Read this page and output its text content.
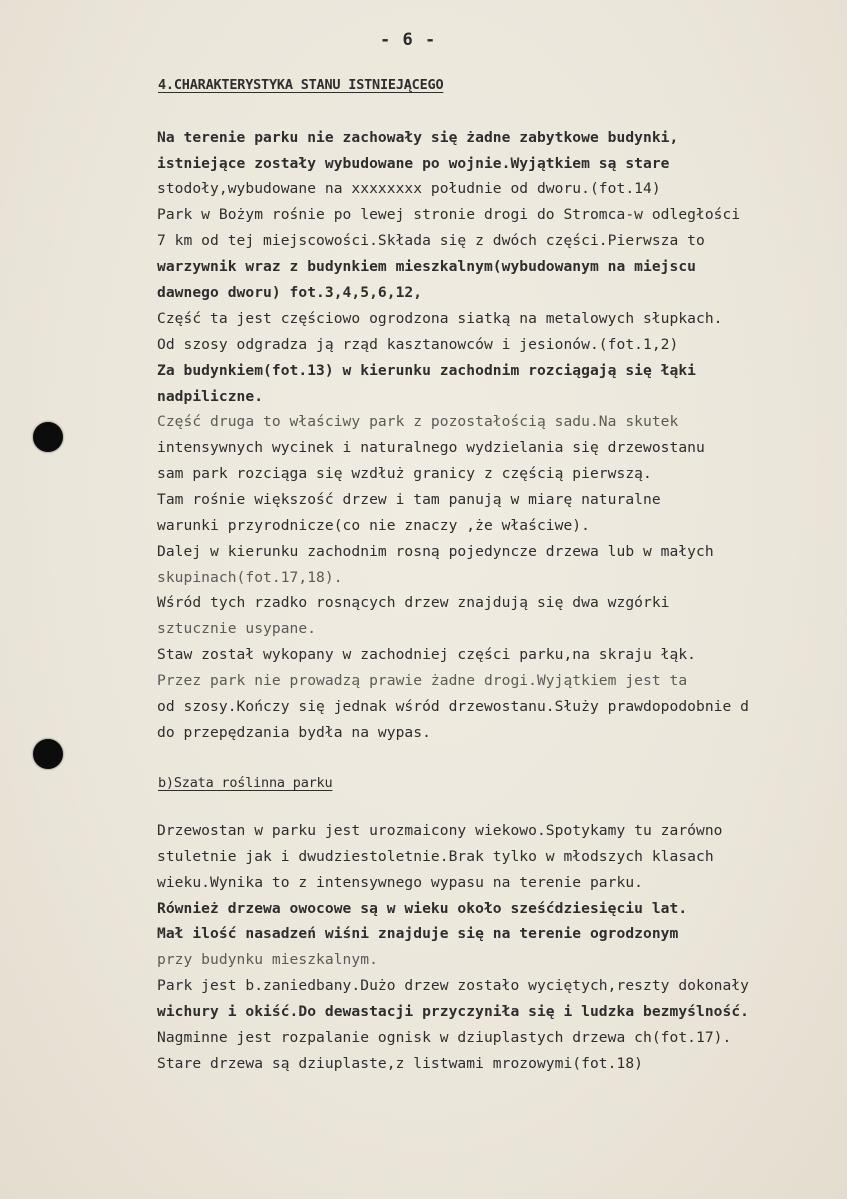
- 6 -
4.CHARAKTERYSTYKA STANU ISTNIEJĄCEGO
Na terenie parku nie zachowały się żadne zabytkowe budynki,
istniejące zostały wybudowane po wojnie.Wyjątkiem są stare
stodoły,wybudowane na xxxxxxxx południe od dworu.(fot.14)
Park w Bożym rośnie po lewej stronie drogi do Stromca-w odległości
7 km od tej miejscowości.Składa się z dwóch części.Pierwsza to
warzywnik wraz z budynkiem mieszkalnym(wybudowanym na miejscu
dawnego dworu) fot.3,4,5,6,12,
Część ta jest częściowo ogrodzona siatką na metalowych słupkach.
Od szosy odgradza ją rząd kasztanowców i jesionów.(fot.1,2)
Za budynkiem(fot.13) w kierunku zachodnim rozciągają się łąki
nadpiliczne.
Część druga to właściwy park z pozostałością sadu.Na skutek
intensywnych wycinek i naturalnego wydzielania się drzewostanu
sam park rozciąga się wzdłuż granicy z częścią pierwszą.
Tam rośnie większość drzew i tam panują w miarę naturalne
warunki przyrodnicze(co nie znaczy ,że właściwe).
Dalej w kierunku zachodnim rosną pojedyncze drzewa lub w małych
skupinach(fot.17,18).
Wśród tych rzadko rosnących drzew znajdują się dwa wzgórki
sztucznie usypane.
Staw został wykopany w zachodniej części parku,na skraju łąk.
Przez park nie prowadzą prawie żadne drogi.Wyjątkiem jest ta
od szosy.Kończy się jednak wśród drzewostanu.Służy prawdopodobnie d
do przepędzania bydła na wypas.
b)Szata roślinna parku
Drzewostan w parku jest urozmaicony wiekowo.Spotykamy tu zarówno
stuletnie jak i dwudziestoletnie.Brak tylko w młodszych klasach
wieku.Wynika to z intensywnego wypasu na terenie parku.
Również drzewa owocowe są w wieku około sześćdziesięciu lat.
Mał ilość nasadzeń wiśni znajduje się na terenie ogrodzonym
przy budynku mieszkalnym.
Park jest b.zaniedbany.Dużo drzew zostało wyciętych,reszty dokonały
wichury i okiść.Do dewastacji przyczyniła się i ludzka bezmyślność.
Nagminne jest rozpalanie ognisk w dziuplastych drzewa ch(fot.17).
Stare drzewa są dziuplaste,z listwami mrozowymi(fot.18)
